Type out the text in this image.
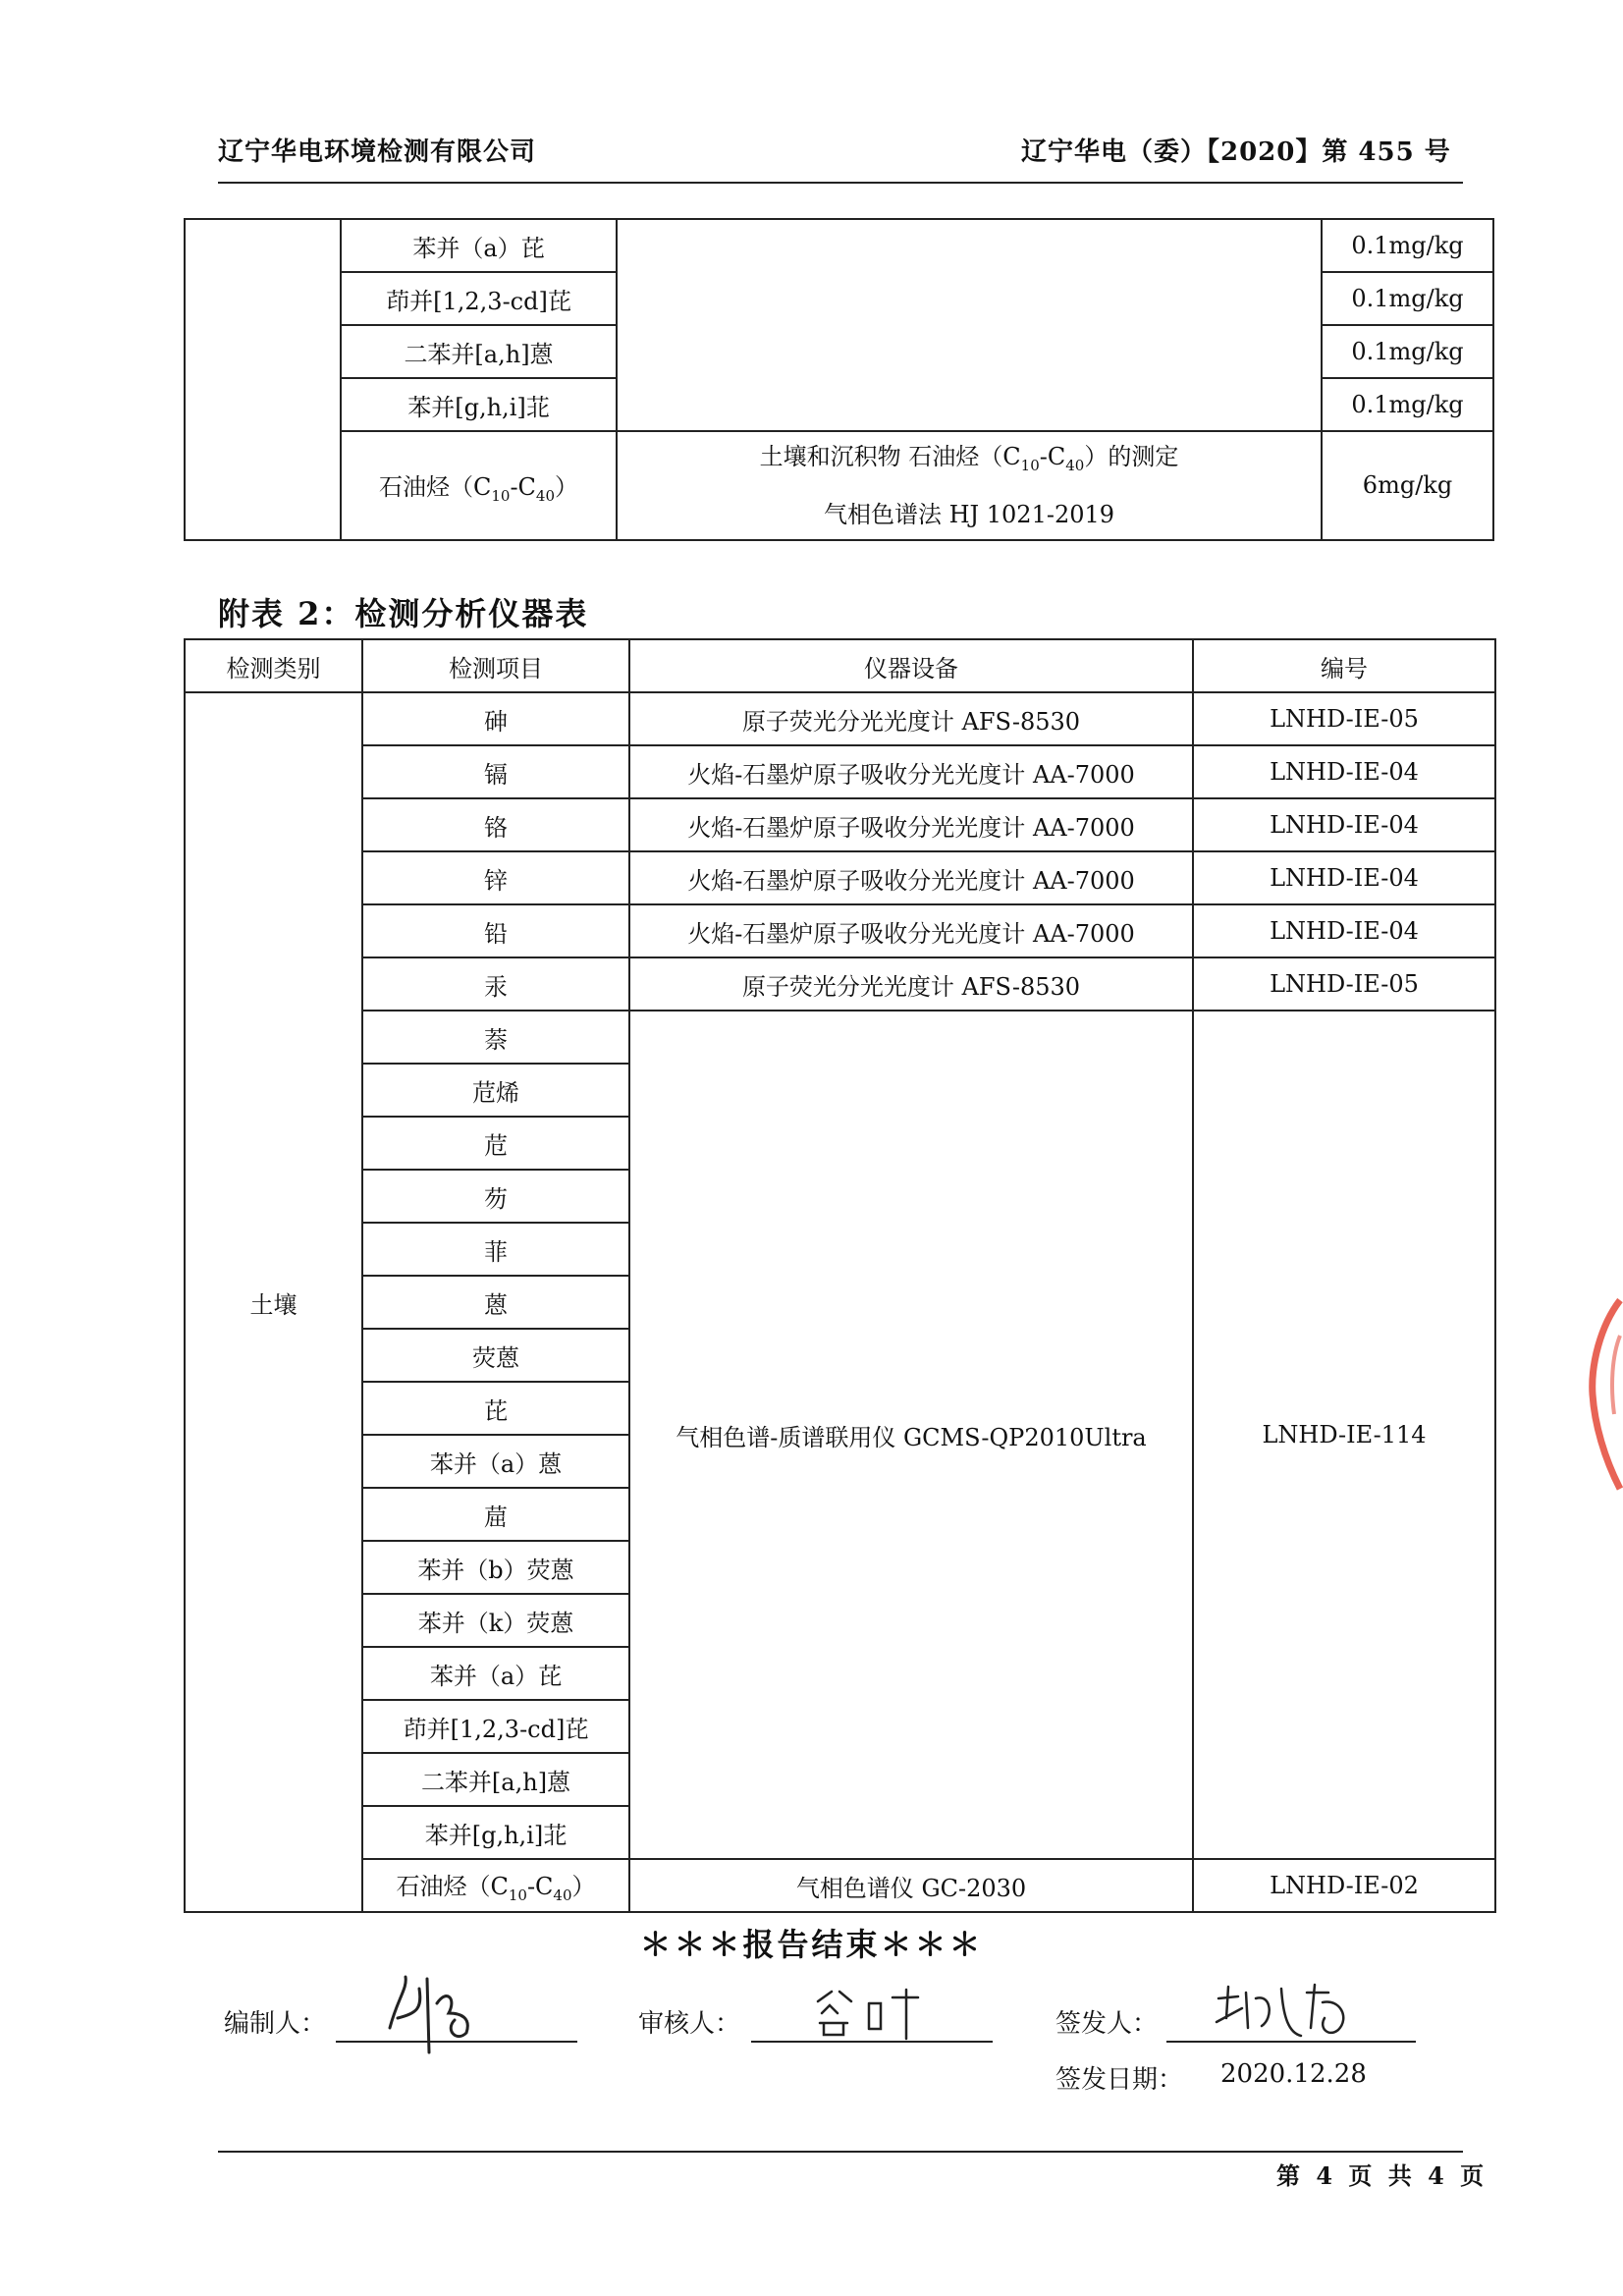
辽宁华电环境检测有限公司	辽宁华电（委）【2020】第 455 号
	苯并（a）芘		0.1mg/kg
	茚并[1,2,3-cd]芘		0.1mg/kg
	二苯并[a,h]蒽		0.1mg/kg
	苯并[g,h,i]苝		0.1mg/kg
	石油烃$(C_{10}-C_{40})$	土壤和沉积物 石油烃$(C_{10}-C_{40})$的测定
气相色谱法 HJ 1021-2019	6mg/kg
附表 2：检测分析仪器表
检测类别	检测项目	仪器设备	编号
土壤	砷	原子荧光分光光度计 AFS-8530	LNHD-IE-05
	镉	火焰-石墨炉原子吸收分光光度计 AA-7000	LNHD-IE-04
	铬	火焰-石墨炉原子吸收分光光度计 AA-7000	LNHD-IE-04
	锌	火焰-石墨炉原子吸收分光光度计 AA-7000	LNHD-IE-04
	铅	火焰-石墨炉原子吸收分光光度计 AA-7000	LNHD-IE-04
	汞	原子荧光分光光度计 AFS-8530	LNHD-IE-05
	萘	气相色谱-质谱联用仪 GCMS-QP2010Ultra	LNHD-IE-114
	苊烯		
	苊		
	芴		
	菲		
	蒽		
	荧蒽		
	芘		
	苯并（a）蒽		
	䓛		
	苯并（b）荧蒽		
	苯并（k）荧蒽		
	苯并（a）芘		
	茚并[1,2,3-cd]芘		
	二苯并[a,h]蒽		
	苯并[g,h,i]苝		
	石油烃$(C_{10}-C_{40})$	气相色谱仪 GC-2030	LNHD-IE-02
＊＊＊报告结束＊＊＊
编制人：	审核人：	签发人：
签发日期： 2020.12.28
第 4 页 共 4 页
